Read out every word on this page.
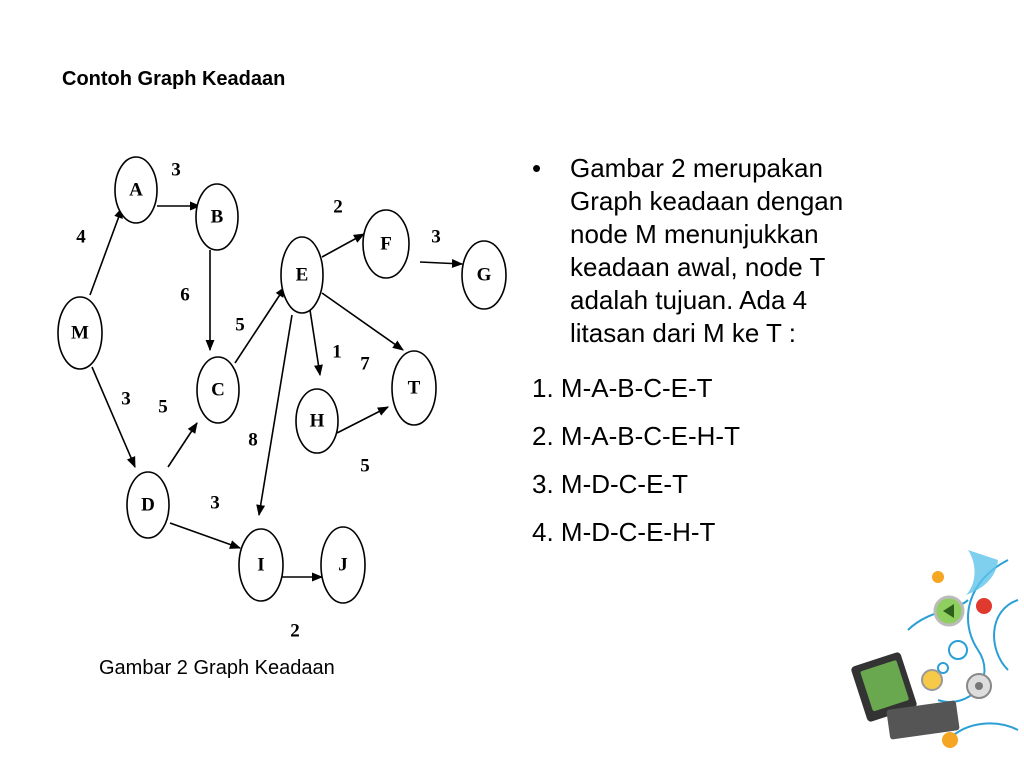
Contoh Graph Keadaan
M
A
B
C
D
E
F
G
H
T
I	J
4
3
6
5
3
2
3
1
7
5
8
3
2
5
Gambar 2 Graph Keadaan
•	Gambar 2 merupakan
Graph keadaan dengan
node M menunjukkan
keadaan awal, node T
adalah tujuan. Ada 4
litasan dari M ke T :
1. M-A-B-C-E-T
2. M-A-B-C-E-H-T
3. M-D-C-E-T
4. M-D-C-E-H-T
